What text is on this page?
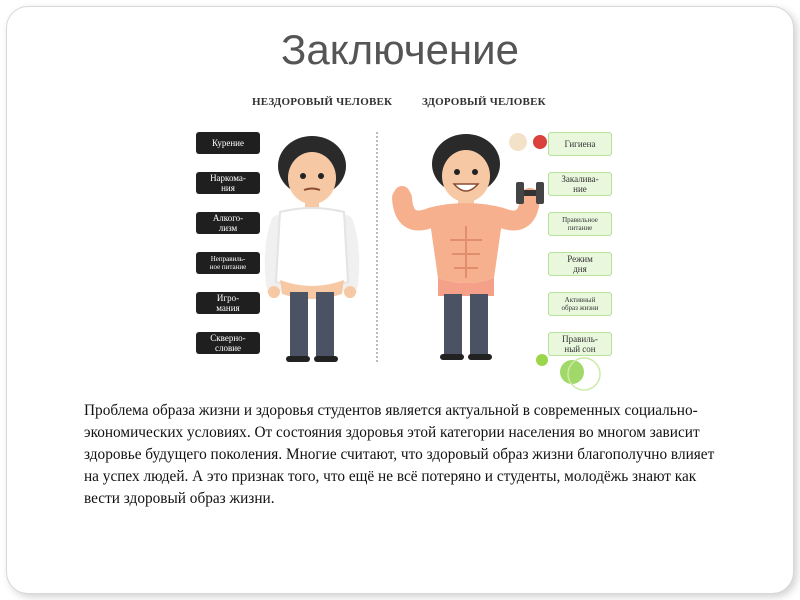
Заключение
НЕЗДОРОВЫЙ ЧЕЛОВЕК	ЗДОРОВЫЙ ЧЕЛОВЕК
Курение
Наркома-
ния
Алкого-
лизм
Неправиль-
ное питание
Игро-
мания
Скверно-
словие
Гигиена
Закалива-
ние
Правильное
питание
Режим
дня
Активный
образ жизни
Правиль-
ный сон
Проблема образа жизни и здоровья студентов является актуальной в современных социально-экономических условиях. От состояния здоровья этой категории населения во многом зависит здоровье будущего поколения. Многие считают, что здоровый образ жизни благополучно влияет на успех людей. А это признак того, что ещё не всё потеряно и студенты, молодёжь знают как вести здоровый образ жизни.
